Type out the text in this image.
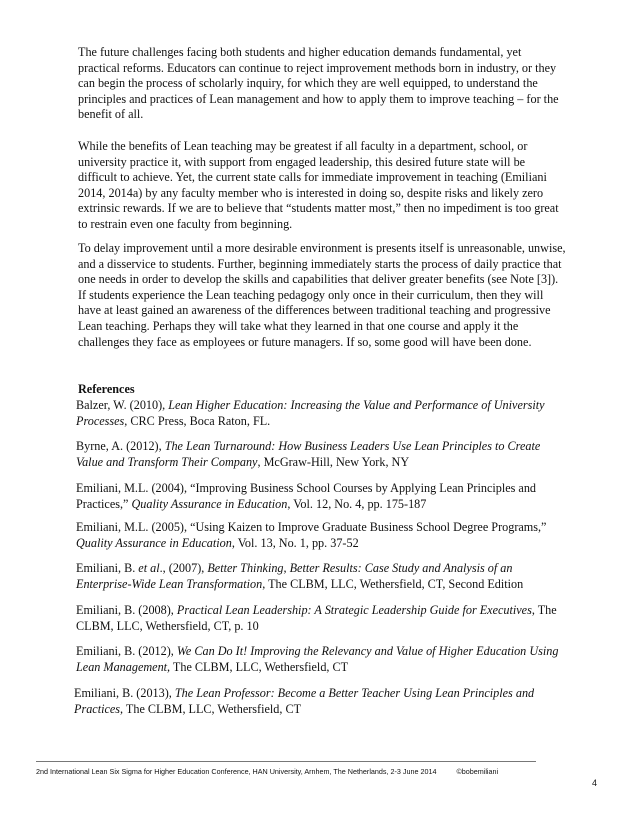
The future challenges facing both students and higher education demands fundamental, yet practical reforms. Educators can continue to reject improvement methods born in industry, or they can begin the process of scholarly inquiry, for which they are well equipped, to understand the principles and practices of Lean management and how to apply them to improve teaching – for the benefit of all.

While the benefits of Lean teaching may be greatest if all faculty in a department, school, or university practice it, with support from engaged leadership, this desired future state will be difficult to achieve. Yet, the current state calls for immediate improvement in teaching (Emiliani 2014, 2014a) by any faculty member who is interested in doing so, despite risks and likely zero extrinsic rewards. If we are to believe that “students matter most,” then no impediment is too great to restrain even one faculty from beginning.

To delay improvement until a more desirable environment is presents itself is unreasonable, unwise, and a disservice to students. Further, beginning immediately starts the process of daily practice that one needs in order to develop the skills and capabilities that deliver greater benefits (see Note [3]). If students experience the Lean teaching pedagogy only once in their curriculum, then they will have at least gained an awareness of the differences between traditional teaching and progressive Lean teaching. Perhaps they will take what they learned in that one course and apply it the challenges they face as employees or future managers. If so, some good will have been done.

References

Balzer, W. (2010), Lean Higher Education: Increasing the Value and Performance of University Processes, CRC Press, Boca Raton, FL.

Byrne, A. (2012), The Lean Turnaround: How Business Leaders Use Lean Principles to Create Value and Transform Their Company, McGraw-Hill, New York, NY

Emiliani, M.L. (2004), “Improving Business School Courses by Applying Lean Principles and Practices,” Quality Assurance in Education, Vol. 12, No. 4, pp. 175-187

Emiliani, M.L. (2005), “Using Kaizen to Improve Graduate Business School Degree Programs,” Quality Assurance in Education, Vol. 13, No. 1, pp. 37-52

Emiliani, B. et al., (2007), Better Thinking, Better Results: Case Study and Analysis of an Enterprise-Wide Lean Transformation, The CLBM, LLC, Wethersfield, CT, Second Edition

Emiliani, B. (2008), Practical Lean Leadership: A Strategic Leadership Guide for Executives, The CLBM, LLC, Wethersfield, CT, p. 10

Emiliani, B. (2012), We Can Do It! Improving the Relevancy and Value of Higher Education Using Lean Management, The CLBM, LLC, Wethersfield, CT

Emiliani, B. (2013), The Lean Professor: Become a Better Teacher Using Lean Principles and Practices, The CLBM, LLC, Wethersfield, CT

2nd International Lean Six Sigma for Higher Education Conference, HAN University, Arnhem, The Netherlands, 2-3 June 2014	©bobemiliani
4
